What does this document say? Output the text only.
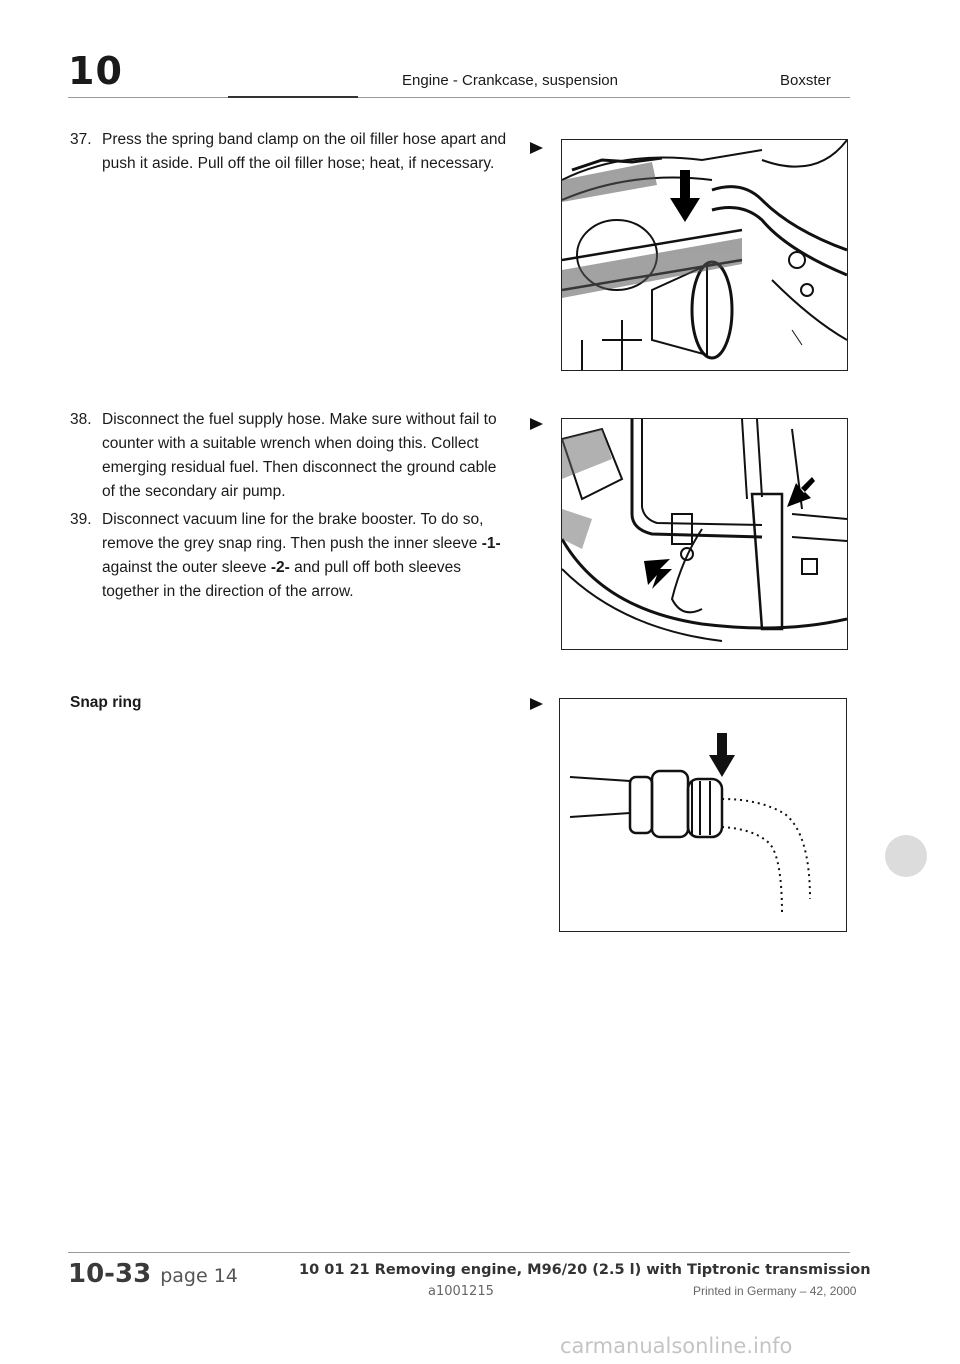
10	Engine - Crankcase, suspension	Boxster
37. Press the spring band clamp on the oil filler hose apart and push it aside. Pull off the oil filler hose; heat, if necessary.
38. Disconnect the fuel supply hose. Make sure without fail to counter with a suitable wrench when doing this. Collect emerging residual fuel. Then disconnect the ground cable of the secondary air pump.
39. Disconnect vacuum line for the brake booster. To do so, remove the grey snap ring. Then push the inner sleeve -1- against the outer sleeve -2- and pull off both sleeves together in the direction of the arrow.
Snap ring
10-33 page 14	10 01 21 Removing engine, M96/20 (2.5 l) with Tiptronic transmission
a1001215	Printed in Germany – 42, 2000
carmanualsonline.info
